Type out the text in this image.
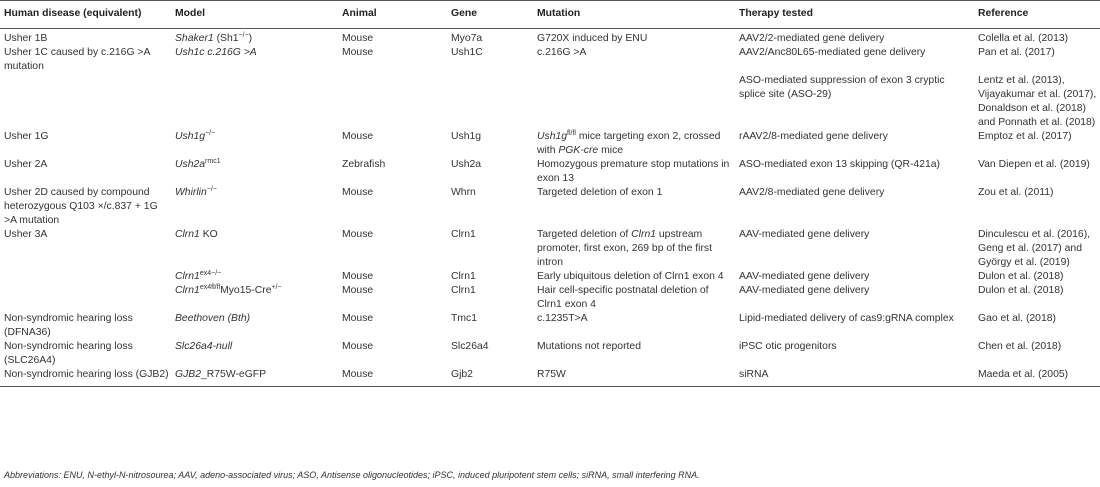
Human disease (equivalent)	Model	Animal	Gene	Mutation	Therapy tested	Reference
Usher 1B	Shaker1 (Sh1−/−)	Mouse	Myo7a	G720X induced by ENU	AAV2/2-mediated gene delivery	Colella et al. (2013)
Usher 1C caused by c.216G >A mutation	Ush1c c.216G >A	Mouse	Ush1C	c.216G >A	AAV2/Anc80L65-mediated gene delivery	Pan et al. (2017)
					ASO-mediated suppression of exon 3 cryptic splice site (ASO-29)	Lentz et al. (2013), Vijayakumar et al. (2017), Donaldson et al. (2018) and Ponnath et al. (2018)
Usher 1G	Ush1g−/−	Mouse	Ush1g	$Ush1g^{fl/fl}$ mice targeting exon 2, crossed with PGK-cre mice	rAAV2/8-mediated gene delivery	Emptoz et al. (2017)
Usher 2A	$Ush2a^{rmc1}$	Zebrafish	Ush2a	Homozygous premature stop mutations in exon 13	ASO-mediated exon 13 skipping (QR-421a)	Van Diepen et al. (2019)
Usher 2D caused by compound heterozygous Q103 ×/c.837 + 1G >A mutation	Whirlin−/−	Mouse	Whrn	Targeted deletion of exon 1	AAV2/8-mediated gene delivery	Zou et al. (2011)
Usher 3A	Clrn1 KO	Mouse	Clrn1	Targeted deletion of Clrn1 upstream promoter, first exon, 269 bp of the first intron	AAV-mediated gene delivery	Dinculescu et al. (2016), Geng et al. (2017) and György et al. (2019)
	$Clrn1^{ex4-/-}$	Mouse	Clrn1	Early ubiquitous deletion of Clrn1 exon 4	AAV-mediated gene delivery	Dulon et al. (2018)
	$Clrn1^{ex4fl/fl}Myo15-Cre^{+/-}$	Mouse	Clrn1	Hair cell-specific postnatal deletion of Clrn1 exon 4	AAV-mediated gene delivery	Dulon et al. (2018)
Non-syndromic hearing loss (DFNA36)	Beethoven (Bth)	Mouse	Tmc1	c.1235T>A	Lipid-mediated delivery of cas9:gRNA complex	Gao et al. (2018)
Non-syndromic hearing loss (SLC26A4)	Slc26a4-null	Mouse	Slc26a4	Mutations not reported	iPSC otic progenitors	Chen et al. (2018)
Non-syndromic hearing loss (GJB2)	GJB2_R75W-eGFP	Mouse	Gjb2	R75W	siRNA	Maeda et al. (2005)
Abbreviations: ENU, N-ethyl-N-nitrosourea; AAV, adeno-associated virus; ASO, Antisense oligonucleotides; iPSC, induced pluripotent stem cells; siRNA, small interfering RNA.
